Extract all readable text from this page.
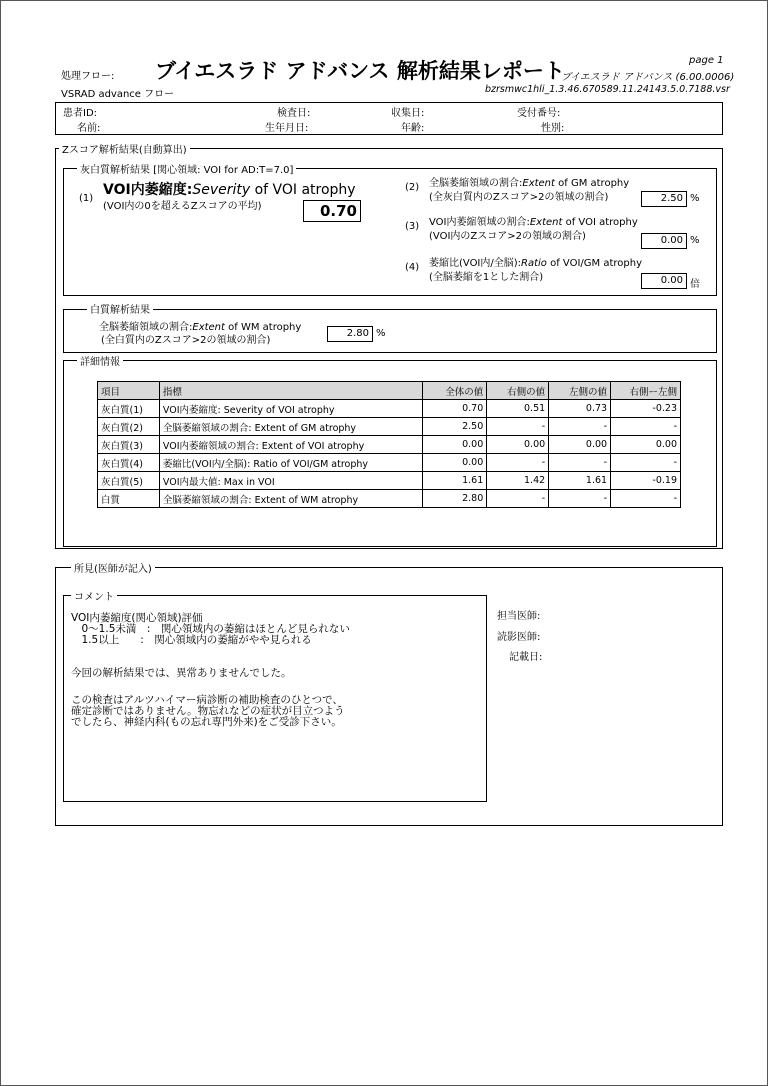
処理フロー:
VSRAD advance フロー
ブイエスラド アドバンス 解析結果レポート	page 1
ブイエスラド アドバンス (6.00.0006)
bzrsmwc1hli_1.3.46.670589.11.24143.5.0.7188.vsr
患者ID:
名前:
検査日:
生年月日:
収集日:
年齢:
受付番号:
性別:
Zスコア解析結果(自動算出)
灰白質解析結果 [関心領域: VOI for AD:T=7.0]
(1)
VOI内萎縮度:Severity of VOI atrophy
(VOI内の0を超えるZスコアの平均)	0.70
(2) 全脳萎縮領域の割合:Extent of GM atrophy
(全灰白質内のZスコア>2の領域の割合)	2.50 %
(3) VOI内萎縮領域の割合:Extent of VOI atrophy
(VOI内のZスコア>2の領域の割合)	0.00 %
(4) 萎縮比(VOI内/全脳):Ratio of VOI/GM atrophy
(全脳萎縮を1とした割合)	0.00 倍
白質解析結果
全脳萎縮領域の割合:Extent of WM atrophy
(全白質内のZスコア>2の領域の割合)
2.80 %
詳細情報
項目	指標	全体の値	右側の値	左側の値	右側ー左側
灰白質(1)	VOI内萎縮度: Severity of VOI atrophy	0.70	0.51	0.73	-0.23
灰白質(2)	全脳萎縮領域の割合: Extent of GM atrophy	2.50	-	-	-
灰白質(3)	VOI内萎縮領域の割合: Extent of VOI atrophy	0.00	0.00	0.00	0.00
灰白質(4)	萎縮比(VOI内/全脳): Ratio of VOI/GM atrophy	0.00	-	-	-
灰白質(5)	VOI内最大値: Max in VOI	1.61	1.42	1.61	-0.19
白質	全脳萎縮領域の割合: Extent of WM atrophy	2.80	-	-	-
所見(医師が記入)
コメント
VOI内萎縮度(関心領域)評価
　0〜1.5未満　:　関心領域内の萎縮はほとんど見られない
　1.5以上　　:　関心領域内の萎縮がやや見られる
今回の解析結果では、異常ありませんでした。
この検査はアルツハイマー病診断の補助検査のひとつで、
確定診断ではありません。物忘れなどの症状が目立つよう
でしたら、神経内科(もの忘れ専門外来)をご受診下さい。
担当医師:
読影医師:
記載日:
